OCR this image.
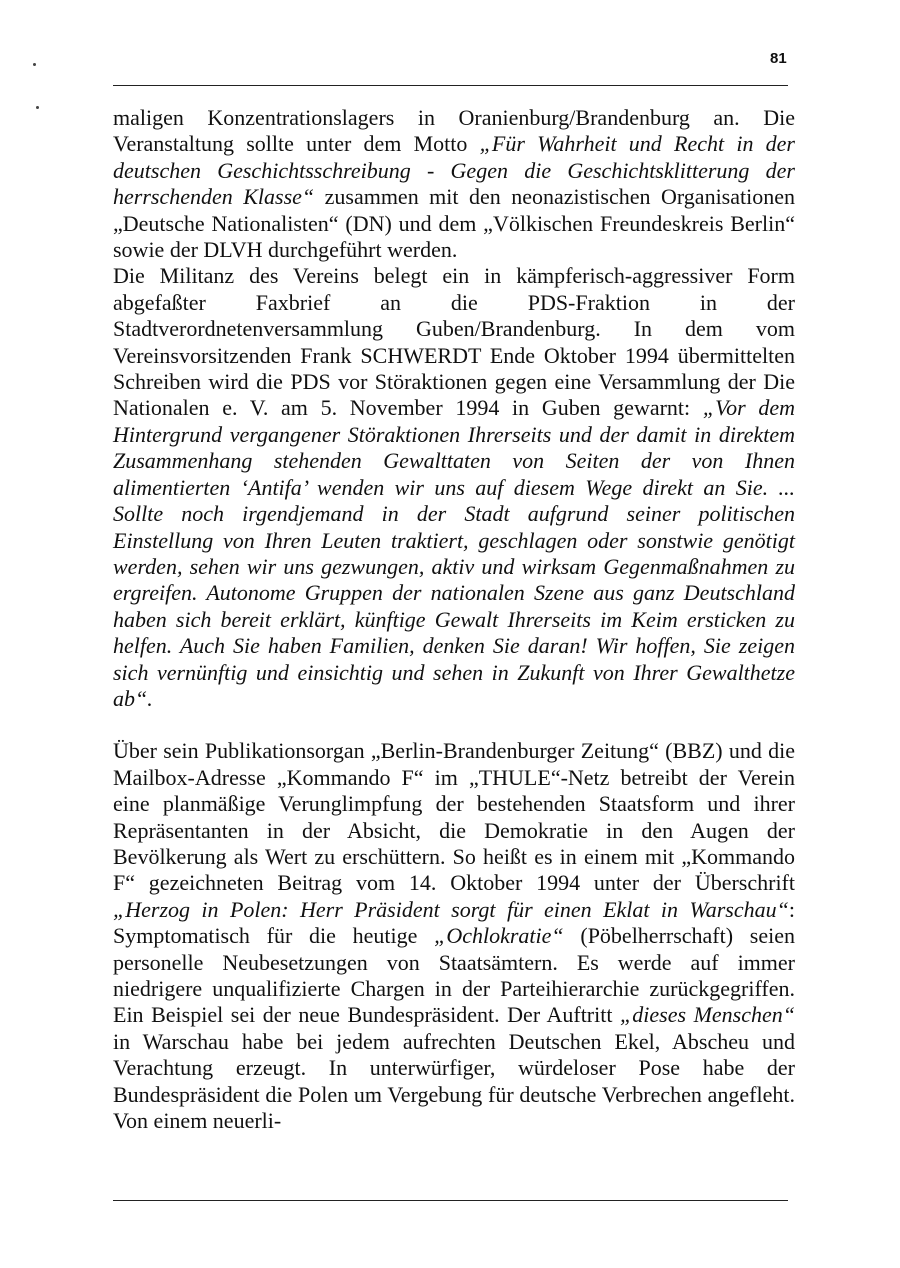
81

maligen Konzentrationslagers in Oranienburg/Brandenburg an. Die Veranstaltung sollte unter dem Motto „Für Wahrheit und Recht in der deutschen Geschichtsschreibung - Gegen die Geschichtsklitterung der herrschenden Klasse“ zusammen mit den neonazistischen Organisationen „Deutsche Nationalisten“ (DN) und dem „Völkischen Freundeskreis Berlin“ sowie der DLVH durchgeführt werden.

Die Militanz des Vereins belegt ein in kämpferisch-aggressiver Form abgefaßter Faxbrief an die PDS-Fraktion in der Stadtverordnetenversammlung Guben/Brandenburg. In dem vom Vereinsvorsitzenden Frank SCHWERDT Ende Oktober 1994 übermittelten Schreiben wird die PDS vor Störaktionen gegen eine Versammlung der Die Nationalen e. V. am 5. November 1994 in Guben gewarnt: „Vor dem Hintergrund vergangener Störaktionen Ihrerseits und der damit in direktem Zusammenhang stehenden Gewalttaten von Seiten der von Ihnen alimentierten ‘Antifa’ wenden wir uns auf diesem Wege direkt an Sie. ... Sollte noch irgendjemand in der Stadt aufgrund seiner politischen Einstellung von Ihren Leuten traktiert, geschlagen oder sonstwie genötigt werden, sehen wir uns gezwungen, aktiv und wirksam Gegenmaßnahmen zu ergreifen. Autonome Gruppen der nationalen Szene aus ganz Deutschland haben sich bereit erklärt, künftige Gewalt Ihrerseits im Keim ersticken zu helfen. Auch Sie haben Familien, denken Sie daran! Wir hoffen, Sie zeigen sich vernünftig und einsichtig und sehen in Zukunft von Ihrer Gewalthetze ab“.

Über sein Publikationsorgan „Berlin-Brandenburger Zeitung“ (BBZ) und die Mailbox-Adresse „Kommando F“ im „THULE“-Netz betreibt der Verein eine planmäßige Verunglimpfung der bestehenden Staatsform und ihrer Repräsentanten in der Absicht, die Demokratie in den Augen der Bevölkerung als Wert zu erschüttern. So heißt es in einem mit „Kommando F“ gezeichneten Beitrag vom 14. Oktober 1994 unter der Überschrift „Herzog in Polen: Herr Präsident sorgt für einen Eklat in Warschau“: Symptomatisch für die heutige „Ochlokratie“ (Pöbelherrschaft) seien personelle Neubesetzungen von Staatsämtern. Es werde auf immer niedrigere unqualifizierte Chargen in der Parteihierarchie zurückgegriffen. Ein Beispiel sei der neue Bundespräsident. Der Auftritt „dieses Menschen“ in Warschau habe bei jedem aufrechten Deutschen Ekel, Abscheu und Verachtung erzeugt. In unterwürfiger, würdeloser Pose habe der Bundespräsident die Polen um Vergebung für deutsche Verbrechen angefleht. Von einem neuerli-
